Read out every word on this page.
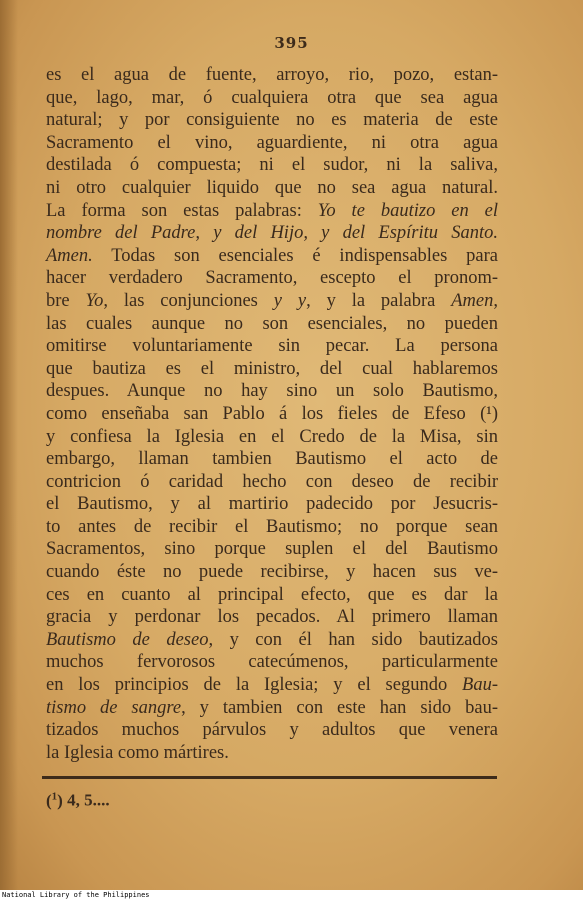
395
es el agua de fuente, arroyo, rio, pozo, estan-
que, lago, mar, ó cualquiera otra que sea agua
natural; y por consiguiente no es materia de este
Sacramento el vino, aguardiente, ni otra agua
destilada ó compuesta; ni el sudor, ni la saliva,
ni otro cualquier liquido que no sea agua natural.
La forma son estas palabras: Yo te bautizo en el
nombre del Padre, y del Hijo, y del Espíritu Santo.
Amen. Todas son esenciales é indispensables para
hacer verdadero Sacramento, escepto el pronom-
bre Yo, las conjunciones y y, y la palabra Amen,
las cuales aunque no son esenciales, no pueden
omitirse voluntariamente sin pecar. La persona
que bautiza es el ministro, del cual hablaremos
despues. Aunque no hay sino un solo Bautismo,
como enseñaba san Pablo á los fieles de Efeso (¹)
y confiesa la Iglesia en el Credo de la Misa, sin
embargo, llaman tambien Bautismo el acto de
contricion ó caridad hecho con deseo de recibir
el Bautismo, y al martirio padecido por Jesucris-
to antes de recibir el Bautismo; no porque sean
Sacramentos, sino porque suplen el del Bautismo
cuando éste no puede recibirse, y hacen sus ve-
ces en cuanto al principal efecto, que es dar la
gracia y perdonar los pecados. Al primero llaman
Bautismo de deseo, y con él han sido bautizados
muchos fervorosos catecúmenos, particularmente
en los principios de la Iglesia; y el segundo Bau-
tismo de sangre, y tambien con este han sido bau-
tizados muchos párvulos y adultos que venera
la Iglesia como mártires.
($^1$) 4, 5....
National Library of the Philippines
